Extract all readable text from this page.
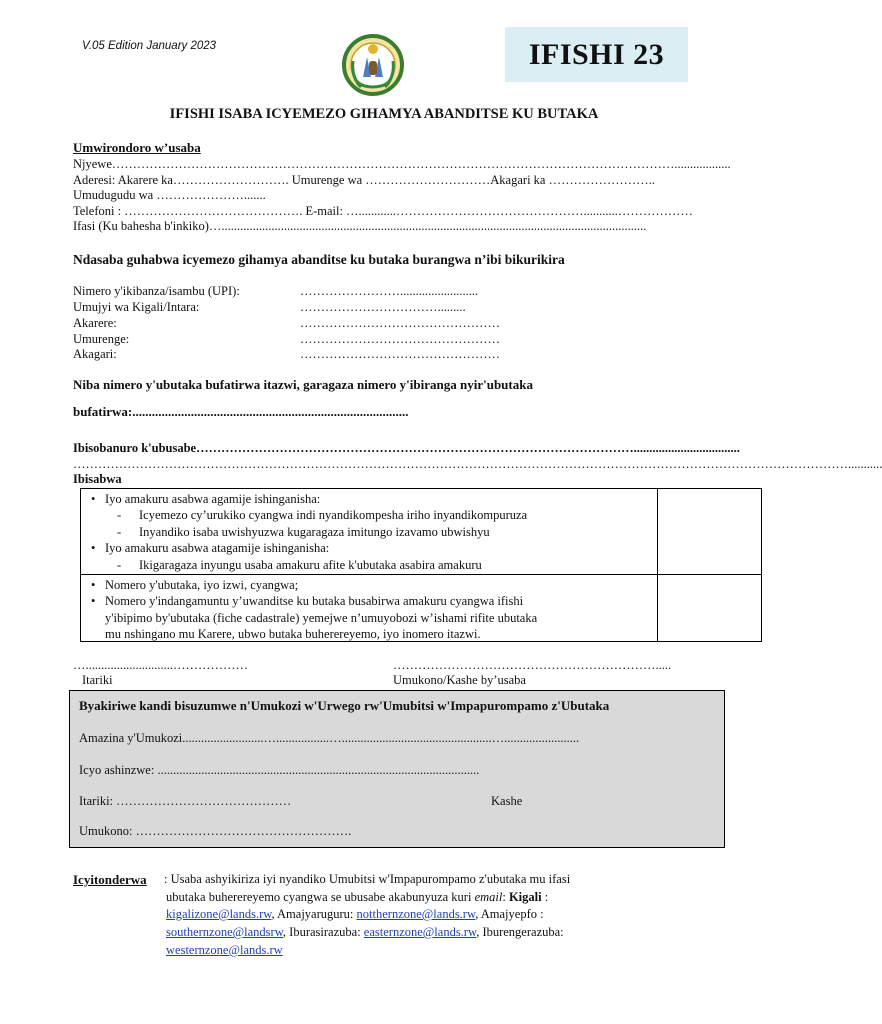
V.05 Edition January 2023	IFISHI 23
IFISHI ISABA ICYEMEZO GIHAMYA ABANDITSE KU BUTAKA
Umwirondoro w’usaba
Njyewe………………………………………………………………………………………………………………………..................
Aderesi: Akarere ka………………………. Umurenge wa …………………………Akagari ka ……………………..
Umudugudu wa ………………….......
Telefoni : ……………………………………. E-mail: …............………………………………………...........………………
Ifasi (Ku bahesha b'inkiko)…........................................................................................................................................
Ndasaba guhabwa icyemezo gihamya abanditse ku butaka burangwa n’ibi bikurikira
Nimero y'ikibanza/isambu (UPI):	…………………….........................
Umujyi wa Kigali/Intara:	…………………………….........
Akarere:	…………………………………………
Umurenge:	…………………………………………
Akagari:	…………………………………………
Niba nimero y'ubutaka bufatirwa itazwi, garagaza nimero y'ibiranga nyir'ubutaka
bufatirwa:.....................................................................................
Ibisobanuro k'ubusabe……………………………………………………………………………………………..................................
……………………………………………………………………………………………………………………………………………………………………...........
Ibisabwa
• Iyo amakuru asabwa agamije ishinganisha:
- Icyemezo cy’urukiko cyangwa indi nyandikompesha iriho inyandikompuruza
- Inyandiko isaba uwishyuzwa kugaragaza imitungo izavamo ubwishyu
• Iyo amakuru asabwa atagamije ishinganisha:
- Ikigaragaza inyungu usaba amakuru afite k'ubutaka asabira amakuru
• Nomero y'ubutaka, iyo izwi, cyangwa;
• Nomero y'indangamuntu y’uwanditse ku butaka busabirwa amakuru cyangwa ifishi
y'ibipimo by'ubutaka (fiche cadastrale) yemejwe n’umuyobozi w’ishami rifite ubutaka
mu nshingano mu Karere, ubwo butaka buherereyemo, iyo inomero itazwi.
…............................………………
Itariki
……………………………………………………….....
Umukono/Kashe by’usaba
Byakiriwe kandi bisuzumwe n'Umukozi w'Urwego rw'Umubitsi w'Impapurompamo z'Ubutaka
Amazina y'Umukozi..........................….................…................................................…........................
Icyo ashinzwe: .......................................................................................................
Itariki: ……………………………………	Kashe
Umukono: …………………………………………….
Icyitonderwa : Usaba ashyikiriza iyi nyandiko Umubitsi w'Impapurompamo z'ubutaka mu ifasi
ubutaka buherereyemo cyangwa se ubusabe akabunyuza kuri email: Kigali :
kigalizone@lands.rw, Amajyaruguru: notthernzone@lands.rw, Amajyepfo :
southernzone@landsrw, Iburasirazuba: easternzone@lands.rw, Iburengerazuba:
westernzone@lands.rw
